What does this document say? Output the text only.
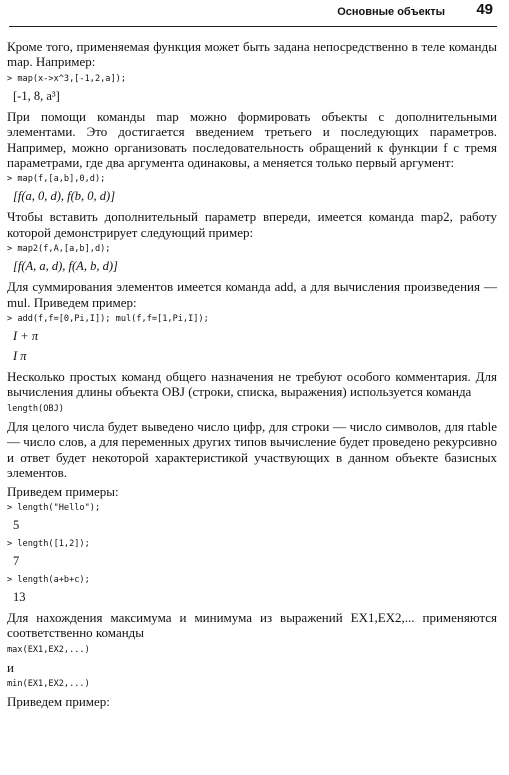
Основные объекты 49
Кроме того, применяемая функция может быть задана непосредственно в теле команды map. Например:
> map(x->x^3,[-1,2,a]);
[-1, 8, a³]
При помощи команды map можно формировать объекты с дополнительными элементами. Это достигается введением третьего и последующих параметров. Например, можно организовать последовательность обращений к функции f с тремя параметрами, где два аргумента одинаковы, а меняется только первый аргумент:
> map(f,[a,b],0,d);
[f(a, 0, d), f(b, 0, d)]
Чтобы вставить дополнительный параметр впереди, имеется команда map2, работу которой демонстрирует следующий пример:
> map2(f,A,[a,b],d);
[f(A, a, d), f(A, b, d)]
Для суммирования элементов имеется команда add, а для вычисления произведения — mul. Приведем пример:
> add(f,f=[0,Pi,I]); mul(f,f=[1,Pi,I]);
I + π
I π
Несколько простых команд общего назначения не требуют особого комментария. Для вычисления длины объекта OBJ (строки, списка, выражения) используется команда
length(OBJ)
Для целого числа будет выведено число цифр, для строки — число символов, для rtable — число слов, а для переменных других типов вычисление будет проведено рекурсивно и ответ будет некоторой характеристикой участвующих в данном объекте базисных элементов.
Приведем примеры:
> length("Hello");
5
> length([1,2]);
7
> length(a+b+c);
13
Для нахождения максимума и минимума из выражений EX1,EX2,... применяются соответственно команды
max(EX1,EX2,...)
и
min(EX1,EX2,...)
Приведем пример:
